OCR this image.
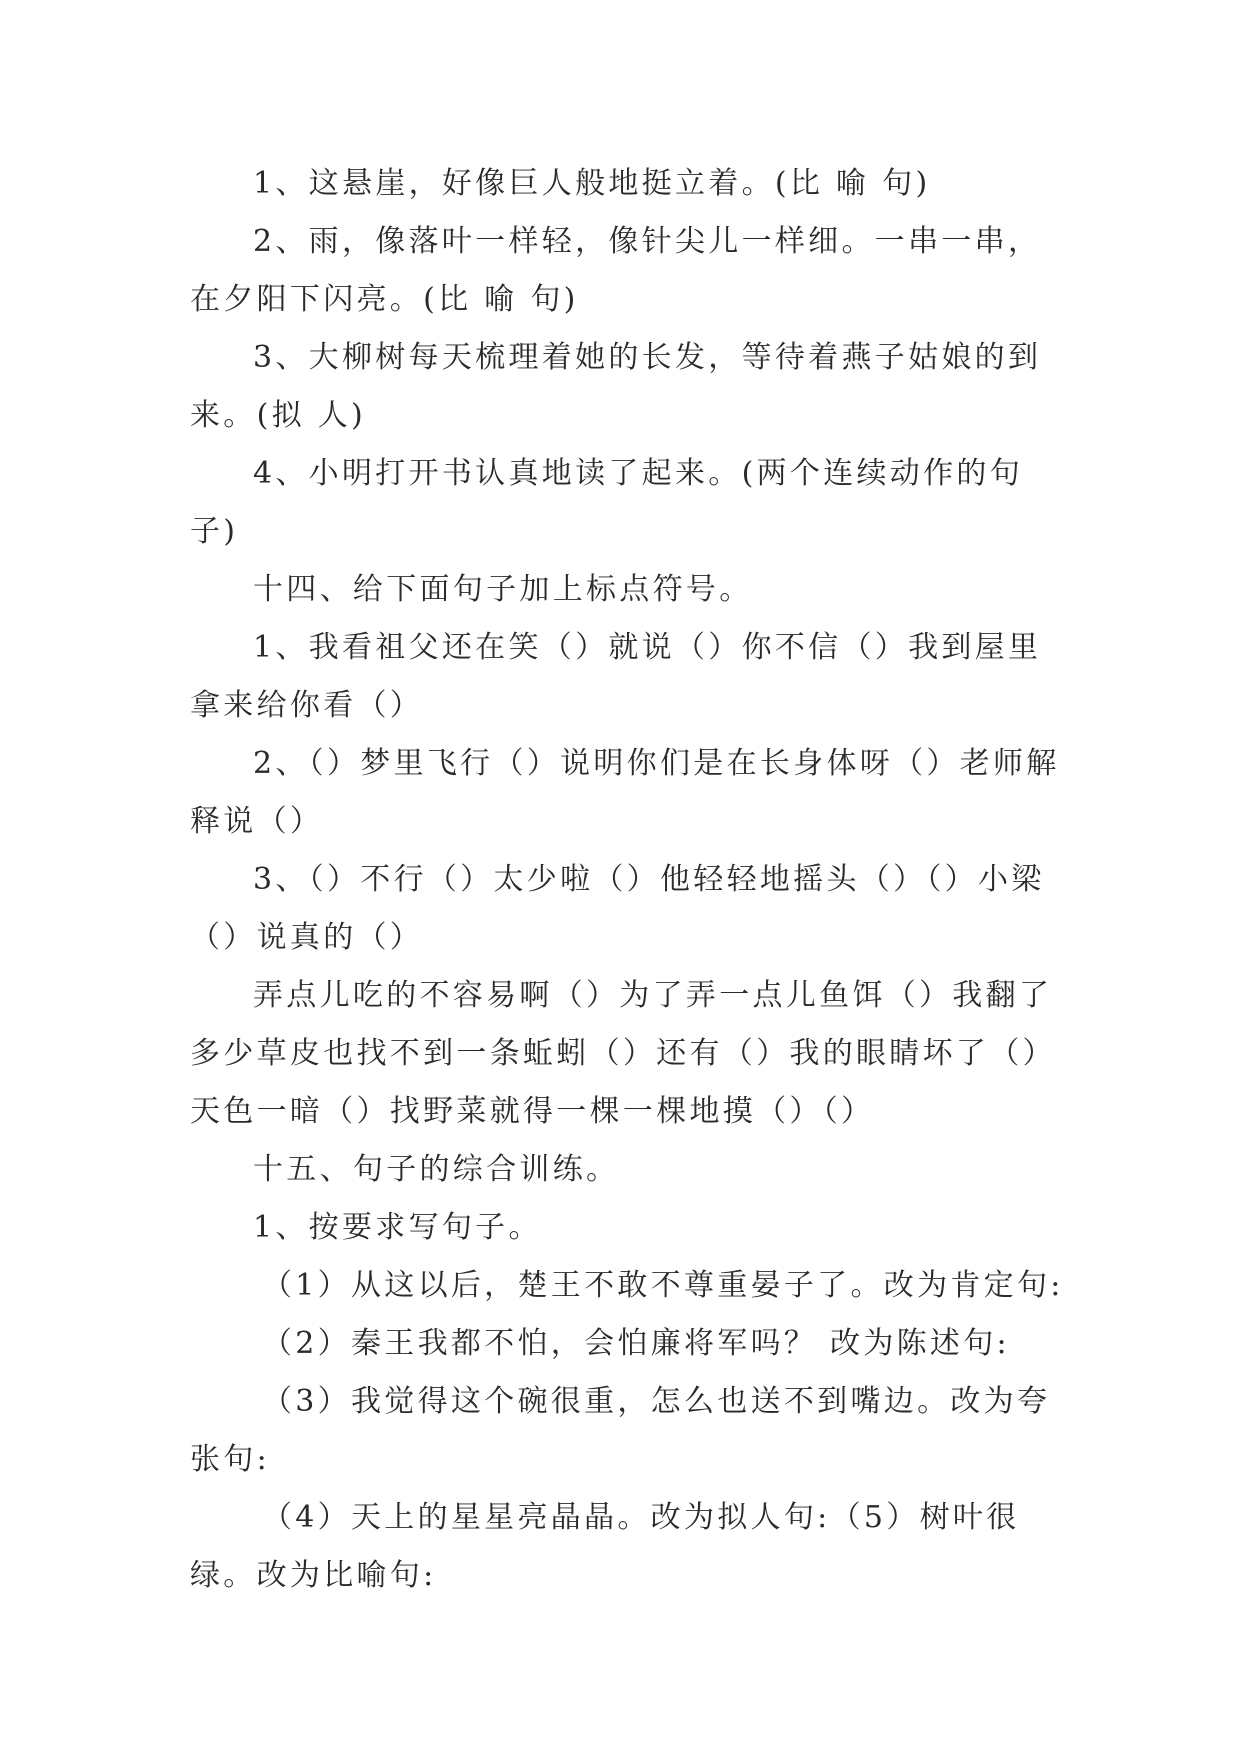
1、这悬崖，好像巨人般地挺立着。(比 喻 句)

2、雨，像落叶一样轻，像针尖儿一样细。一串一串，在夕阳下闪亮。(比 喻 句)

3、大柳树每天梳理着她的长发，等待着燕子姑娘的到来。(拟 人)

4、小明打开书认真地读了起来。(两个连续动作的句子)

十四、给下面句子加上标点符号。

1、我看祖父还在笑（）就说（）你不信（）我到屋里拿来给你看（）

2、（）梦里飞行（）说明你们是在长身体呀（）老师解释说（）

3、（）不行（）太少啦（）他轻轻地摇头（）（）小梁（）说真的（）

弄点儿吃的不容易啊（）为了弄一点儿鱼饵（）我翻了多少草皮也找不到一条蚯蚓（）还有（）我的眼睛坏了（）天色一暗（）找野菜就得一棵一棵地摸（）（）

十五、句子的综合训练。

1、按要求写句子。

（1）从这以后，楚王不敢不尊重晏子了。改为肯定句:

（2）秦王我都不怕，会怕廉将军吗？ 改为陈述句:

（3）我觉得这个碗很重，怎么也送不到嘴边。改为夸张句:

（4）天上的星星亮晶晶。改为拟人句:（5）树叶很绿。改为比喻句:
